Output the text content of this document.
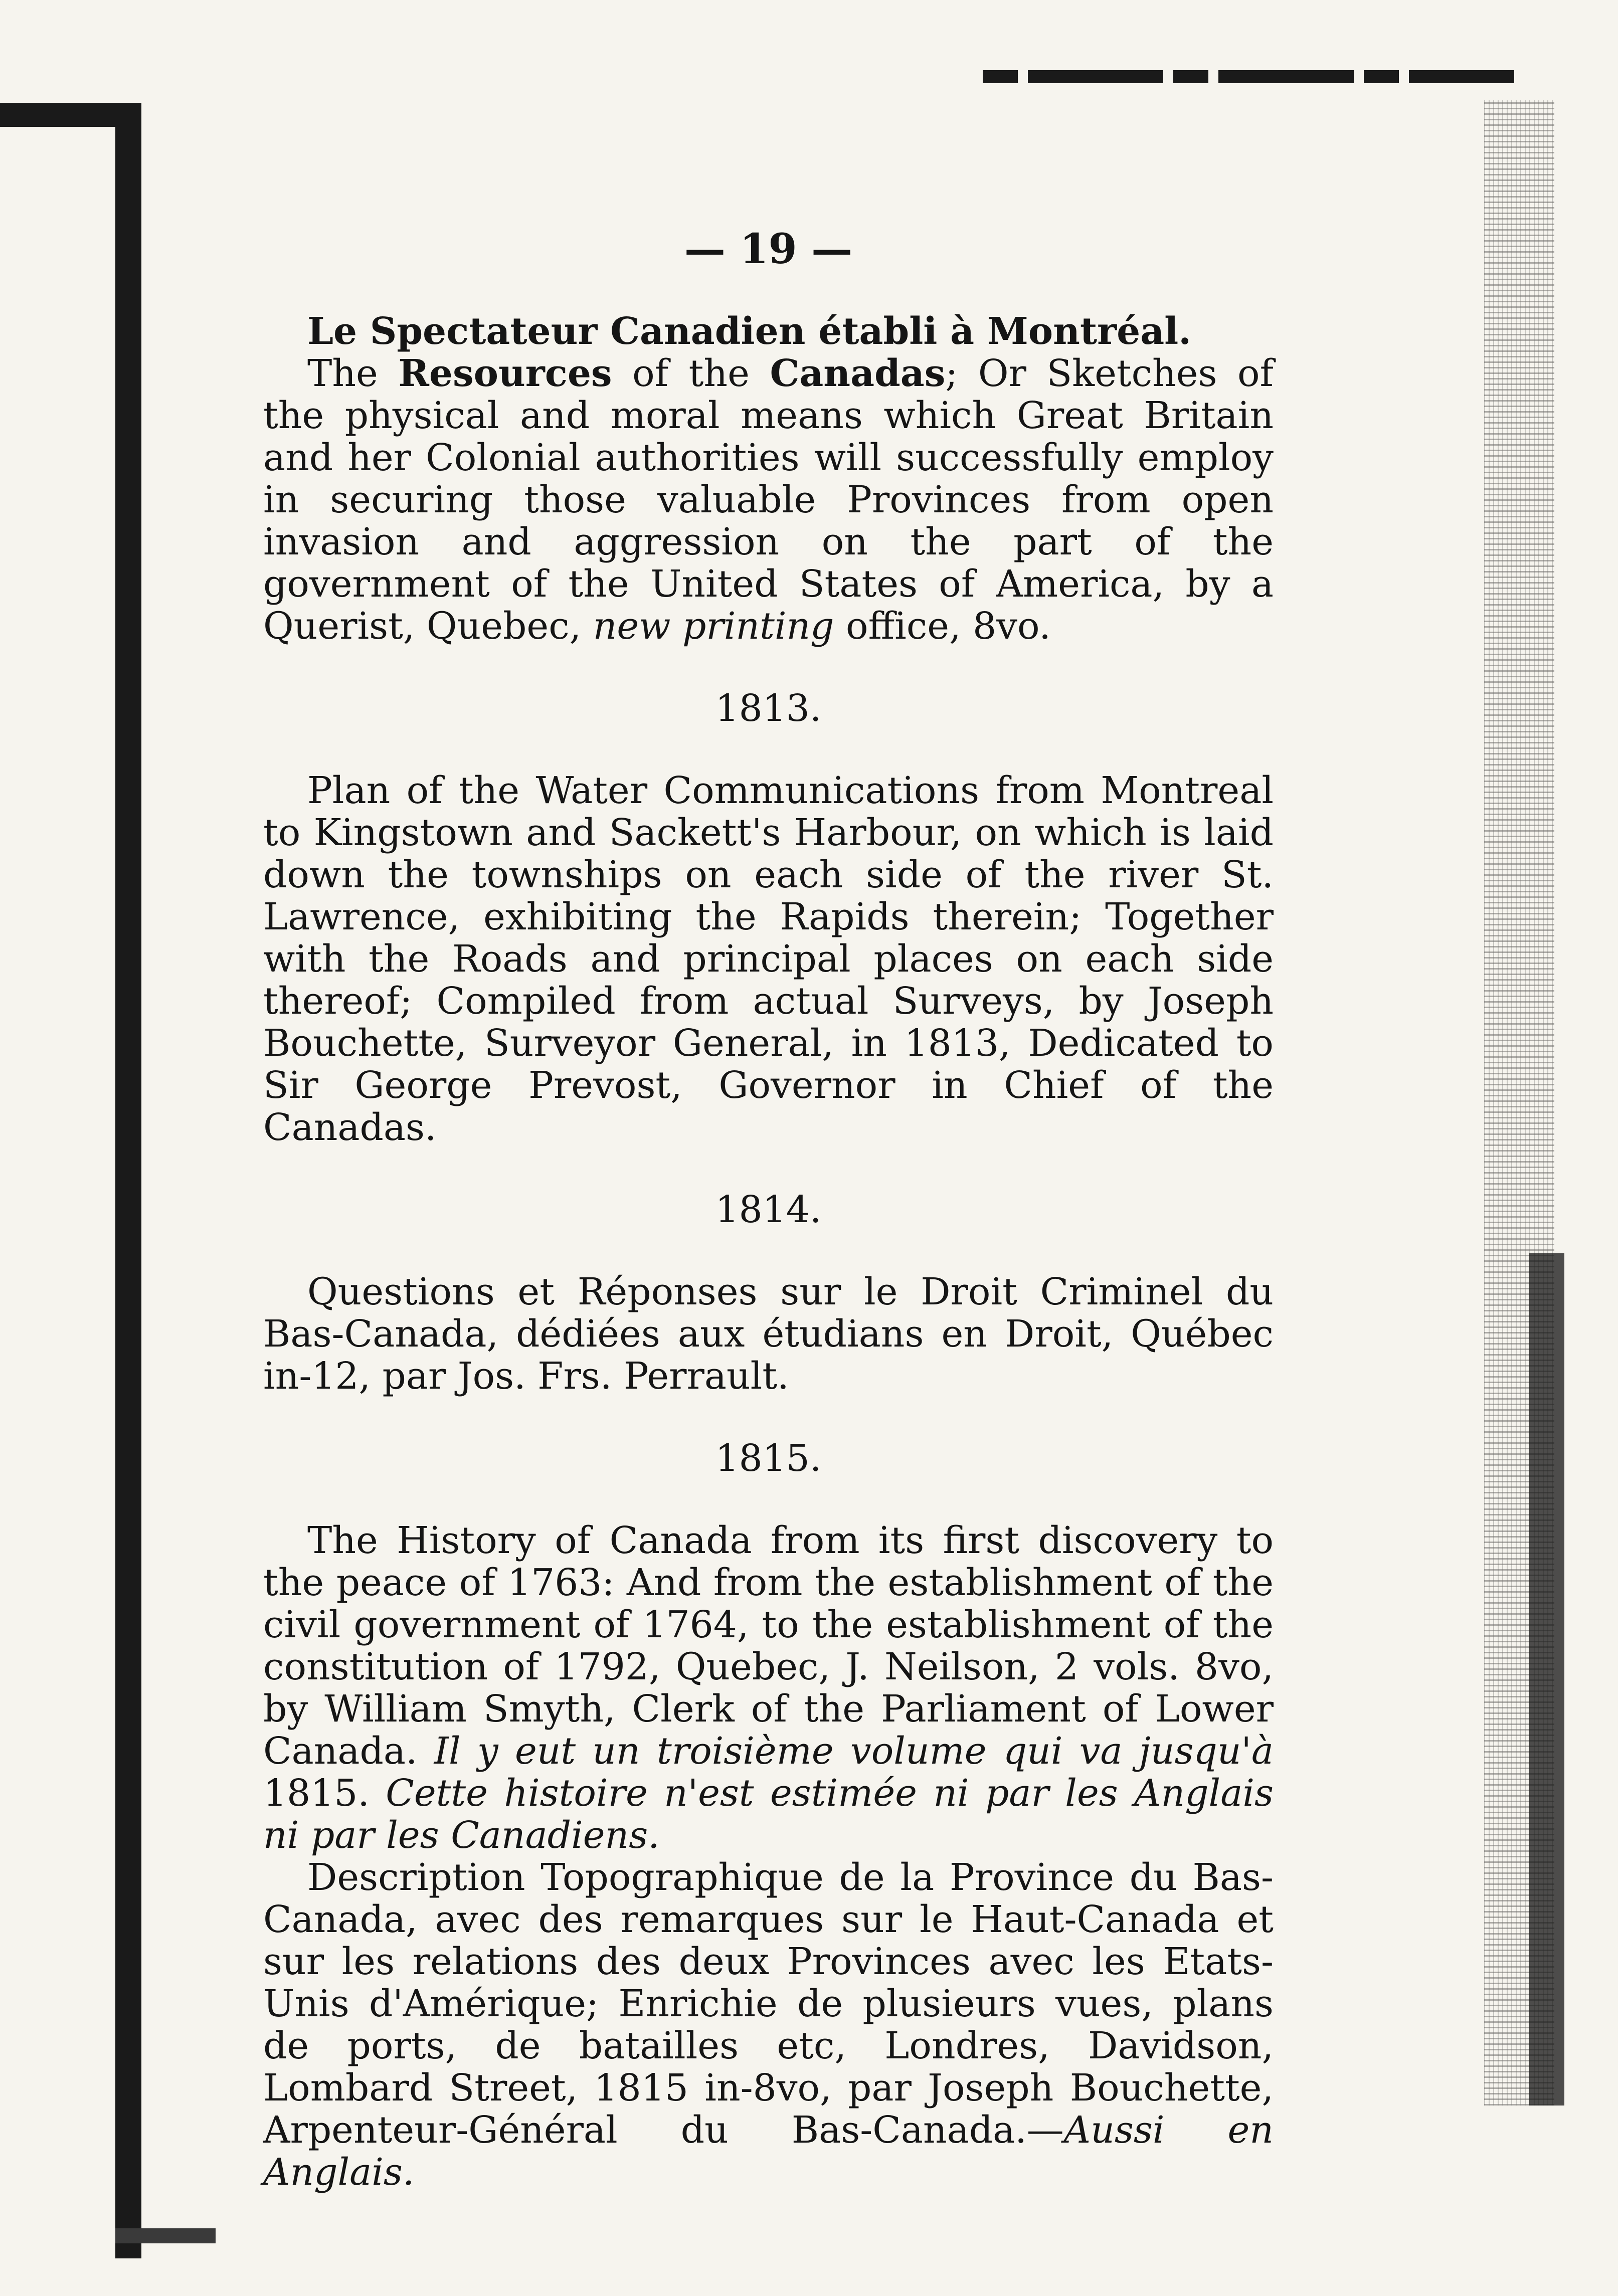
— 19 —

Le Spectateur Canadien établi à Montréal.

The Resources of the Canadas; Or Sketches of the physical and moral means which Great Britain and her Colonial authorities will successfully employ in securing those valuable Provinces from open invasion and aggression on the part of the government of the United States of America, by a Querist, Quebec, new printing office, 8vo.

1813.

Plan of the Water Communications from Montreal to Kingstown and Sackett's Harbour, on which is laid down the townships on each side of the river St. Lawrence, exhibiting the Rapids therein; Together with the Roads and principal places on each side thereof; Compiled from actual Surveys, by Joseph Bouchette, Surveyor General, in 1813, Dedicated to Sir George Prevost, Governor in Chief of the Canadas.

1814.

Questions et Réponses sur le Droit Criminel du Bas-Canada, dédiées aux étudians en Droit, Québec in-12, par Jos. Frs. Perrault.

1815.

The History of Canada from its first discovery to the peace of 1763: And from the establishment of the civil government of 1764, to the establishment of the constitution of 1792, Quebec, J. Neilson, 2 vols. 8vo, by William Smyth, Clerk of the Parliament of Lower Canada. Il y eut un troisième volume qui va jusqu'à 1815. Cette histoire n'est estimée ni par les Anglais ni par les Canadiens.

Description Topographique de la Province du Bas-Canada, avec des remarques sur le Haut-Canada et sur les relations des deux Provinces avec les Etats-Unis d'Amérique; Enrichie de plusieurs vues, plans de ports, de batailles etc, Londres, Davidson, Lombard Street, 1815 in-8vo, par Joseph Bouchette, Arpenteur-Général du Bas-Canada.—Aussi en Anglais.
